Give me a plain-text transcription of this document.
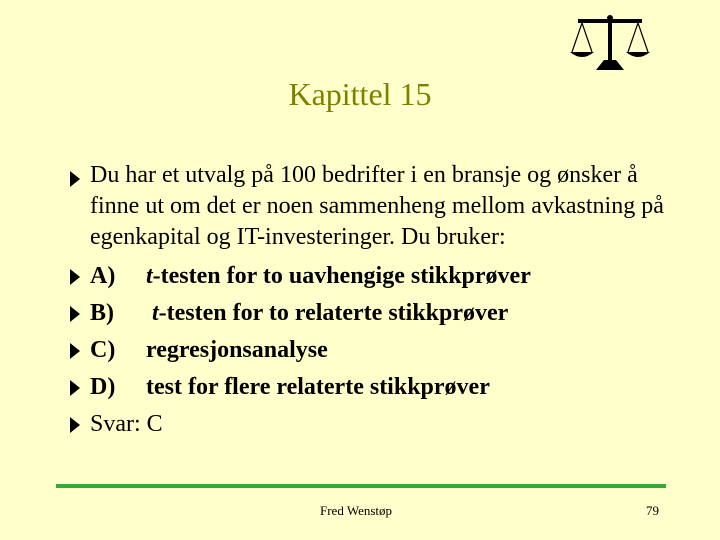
Kapittel 15
Du har et utvalg på 100 bedrifter i en bransje og ønsker å finne ut om det er noen sammenheng mellom avkastning på egenkapital og IT-investeringer. Du bruker:
A) t-testen for to uavhengige stikkprøver
B) t-testen for to relaterte stikkprøver
C) regresjonsanalyse
D) test for flere relaterte stikkprøver
Svar: C
Fred Wenstøp	79
